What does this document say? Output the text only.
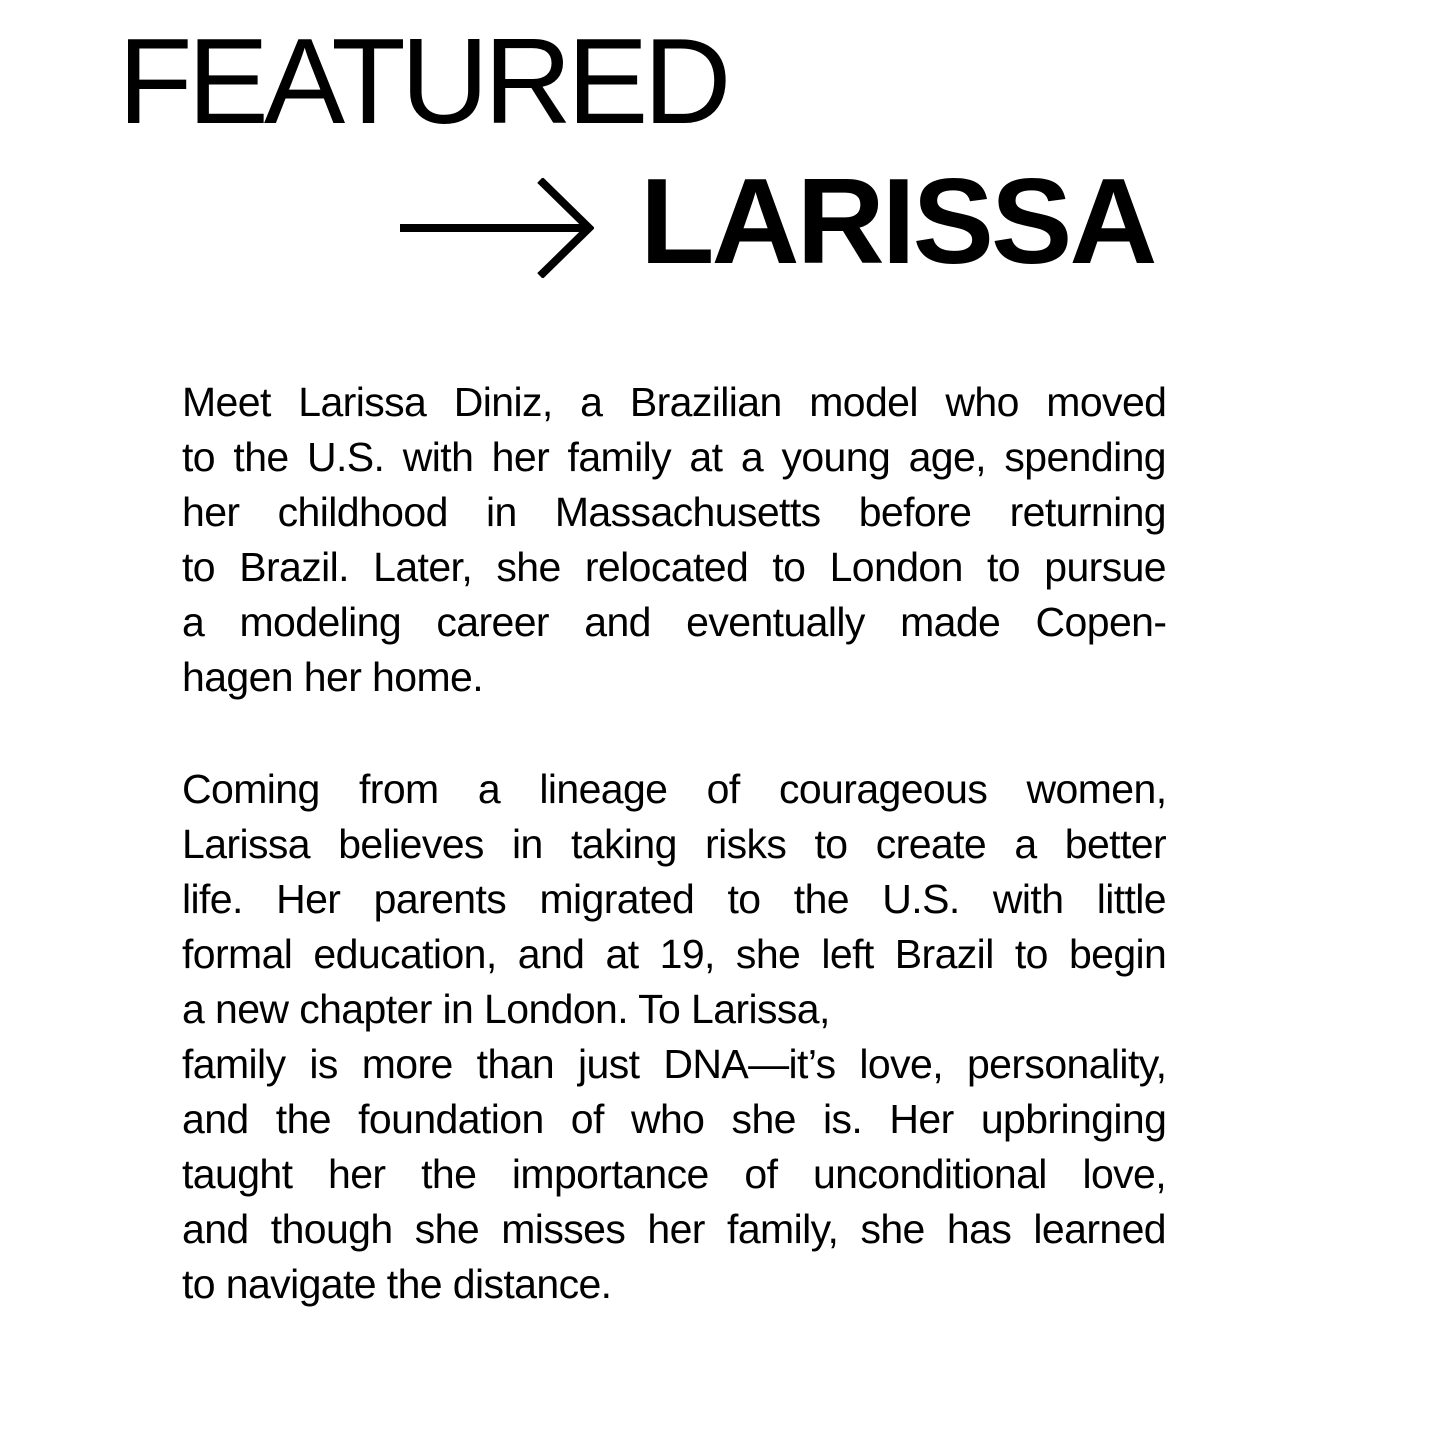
FEATURED
LARISSA
Meet Larissa Diniz, a Brazilian model who moved
to the U.S. with her family at a young age, spending
her childhood in Massachusetts before returning
to Brazil. Later, she relocated to London to pursue
a modeling career and eventually made Copen-
hagen her home.
Coming from a lineage of courageous women,
Larissa believes in taking risks to create a better
life. Her parents migrated to the U.S. with little
formal education, and at 19, she left Brazil to begin
a new chapter in London. To Larissa,
family is more than just DNA—it’s love, personality,
and the foundation of who she is. Her upbringing
taught her the importance of unconditional love,
and though she misses her family, she has learned
to navigate the distance.
